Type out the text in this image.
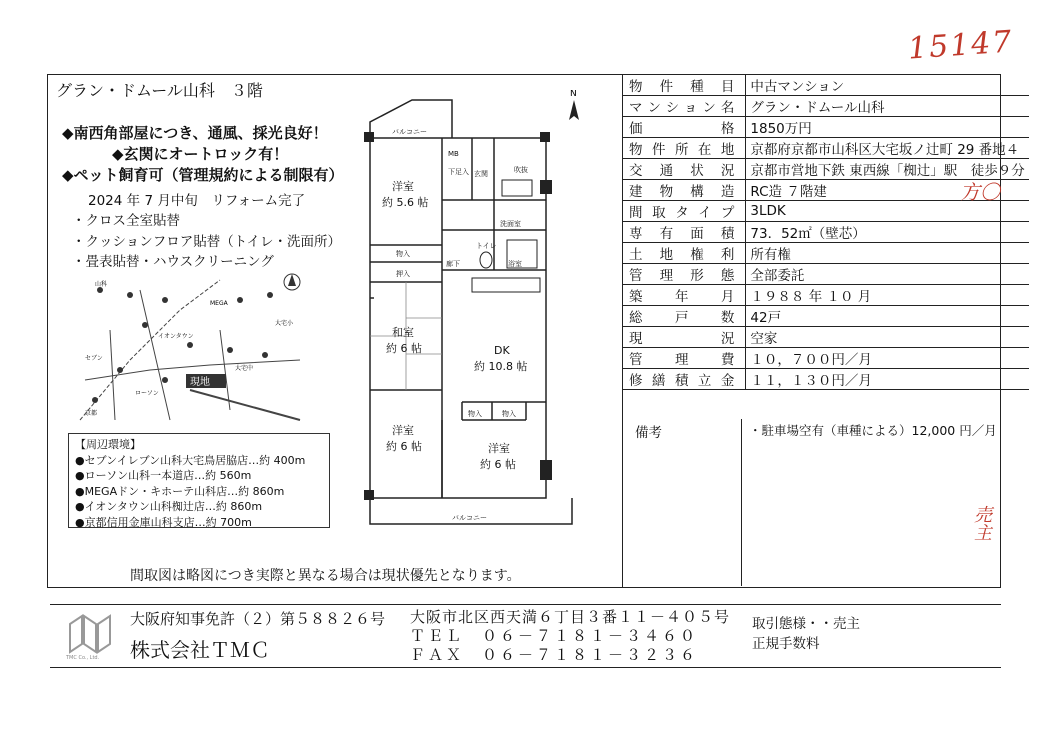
15147
グラン・ドムール山科　３階
◆南西角部屋につき、通風、採光良好！
◆玄関にオートロック有！
◆ペット飼育可（管理規約による制限有）
2024 年 7 月中旬　リフォーム完了
・クロス全室貼替
・クッションフロア貼替（トイレ・洗面所）
・畳表貼替・ハウスクリーニング
山科
イオンタウン
大宅小
セブン
ローソン
京都
MEGA
大宅中
現地
【周辺環境】
●セブンイレブン山科大宅鳥居脇店…約 400m
●ローソン山科一本道店…約 560m
●MEGAドン・キホーテ山科店…約 860m
●イオンタウン山科椥辻店…約 860m
●京都信用金庫山科支店…約 700m
N
バルコニー
MB
下足入 玄関	吹抜
洗面室
トイレ
浴室
廊下
物入
押入
物入	物入
バルコニー
洋室
約 5.6 帖
和室
約 6 帖	DK
約 10.8 帖
洋室
約 6 帖	洋室
約 6 帖
間取図は略図につき実際と異なる場合は現状優先となります。
物件種目	中古マンション
マンション名	グラン・ドムール山科
価格	1850万円
物件所在地	京都府京都市山科区大宅坂ノ辻町 29 番地４
交通状況	京都市営地下鉄 東西線「椥辻」駅　徒歩９分
建物構造	RC造 ７階建
間取タイプ	3LDK
専有面積	73．52㎡（壁芯）
土地権利	所有権
管理形態	全部委託
築年月	１９８８ 年 １０ 月
総戸数	42戸
現況	空家
管理費	１０，７００円／月
修繕積立金	１１，１３０円／月
備考	・駐車場空有（車種による）12,000 円／月
方〇
売主
TMC Co., Ltd.
大阪府知事免許（２）第５８８２６号
株式会社ＴＭＣ
大阪市北区西天満６丁目３番１１－４０５号
ＴＥＬ　０６－７１８１－３４６０
ＦＡＸ　０６－７１８１－３２３６
取引態様・・売主
正規手数料
